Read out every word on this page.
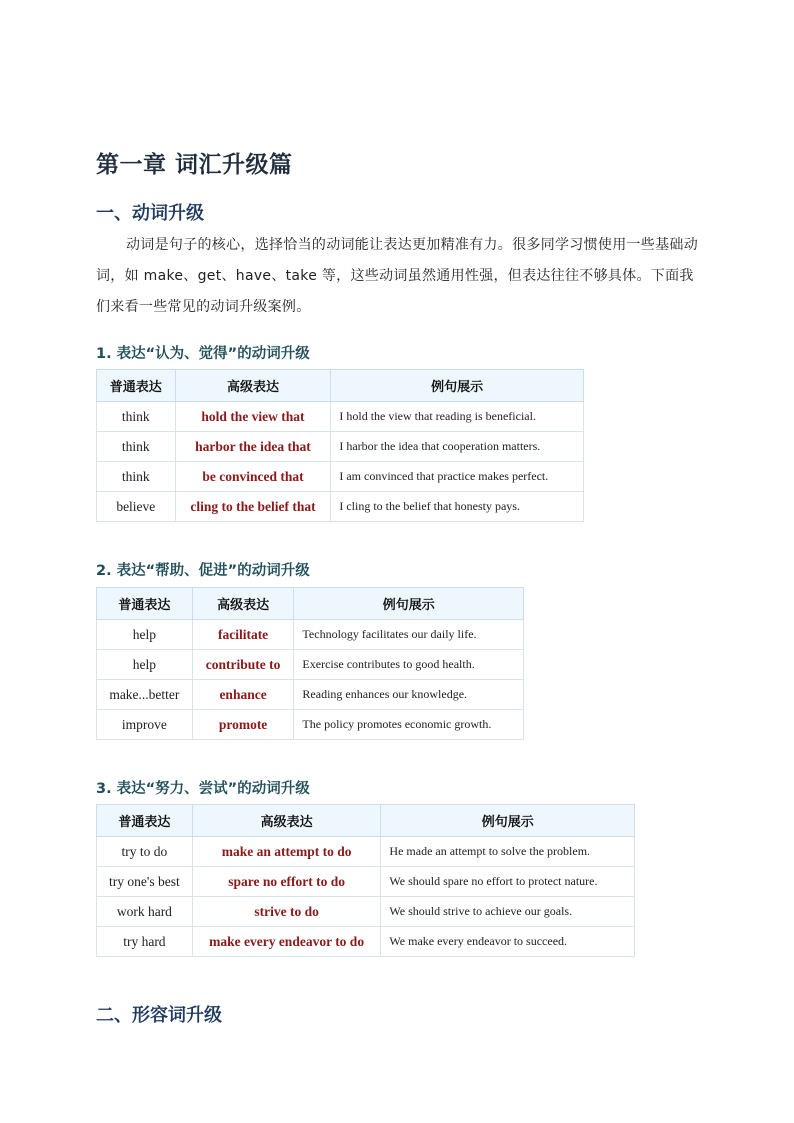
第一章 词汇升级篇
一、动词升级

动词是句子的核心，选择恰当的动词能让表达更加精准有力。很多同学习惯使用一些基础动词，如 make、get、have、take 等，这些动词虽然通用性强，但表达往往不够具体。下面我们来看一些常见的动词升级案例。

1. 表达“认为、觉得”的动词升级
普通表达	高级表达	例句展示
think	hold the view that	I hold the view that reading is beneficial.
think	harbor the idea that	I harbor the idea that cooperation matters.
think	be convinced that	I am convinced that practice makes perfect.
believe	cling to the belief that	I cling to the belief that honesty pays.
2. 表达“帮助、促进”的动词升级
普通表达	高级表达	例句展示
help	facilitate	Technology facilitates our daily life.
help	contribute to	Exercise contributes to good health.
make...better	enhance	Reading enhances our knowledge.
improve	promote	The policy promotes economic growth.
3. 表达“努力、尝试”的动词升级
普通表达	高级表达	例句展示
try to do	make an attempt to do	He made an attempt to solve the problem.
try one's best	spare no effort to do	We should spare no effort to protect nature.
work hard	strive to do	We should strive to achieve our goals.
try hard	make every endeavor to do	We make every endeavor to succeed.
二、形容词升级
